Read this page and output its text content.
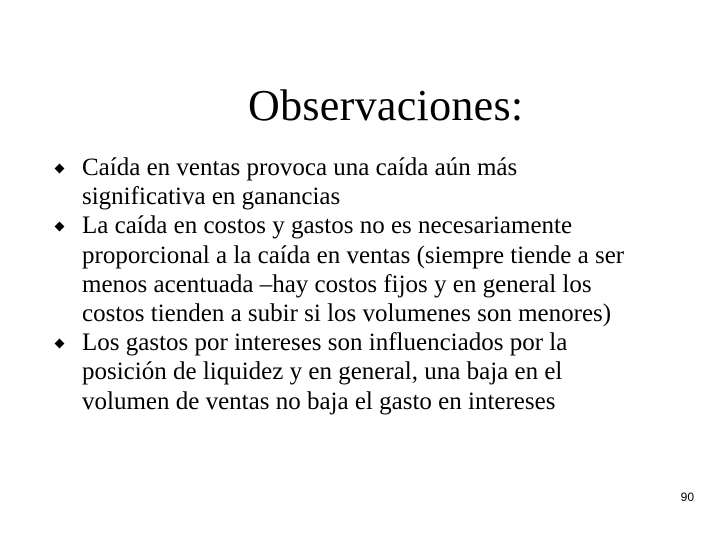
Observaciones:
Caída en ventas provoca una caída aún más significativa en ganancias
La caída en costos y gastos no es necesariamente proporcional a la caída en ventas (siempre tiende a ser menos acentuada –hay costos fijos y en general los costos tienden a subir si los volumenes son menores)
Los gastos por intereses son influenciados por la posición de liquidez y en general, una baja en el volumen de ventas no baja el gasto en intereses
90
